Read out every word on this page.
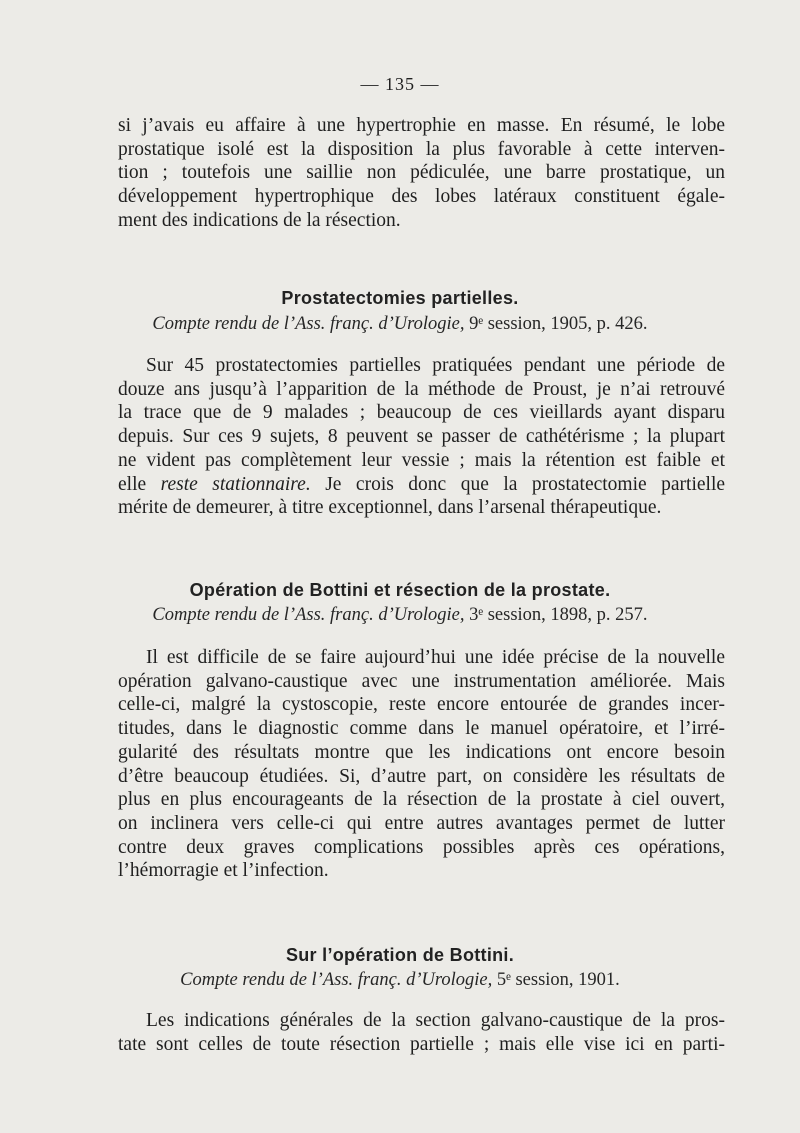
— 135 —
si j’avais eu affaire à une hypertrophie en masse. En résumé, le lobe
prostatique isolé est la disposition la plus favorable à cette interven-
tion ; toutefois une saillie non pédiculée, une barre prostatique, un
développement hypertrophique des lobes latéraux constituent égale-
ment des indications de la résection.
Prostatectomies partielles.
Compte rendu de l’Ass. franç. d’Urologie, 9ᵉ session, 1905, p. 426.
Sur 45 prostatectomies partielles pratiquées pendant une période de
douze ans jusqu’à l’apparition de la méthode de Proust, je n’ai retrouvé
la trace que de 9 malades ; beaucoup de ces vieillards ayant disparu
depuis. Sur ces 9 sujets, 8 peuvent se passer de cathétérisme ; la plupart
ne vident pas complètement leur vessie ; mais la rétention est faible et
elle reste stationnaire. Je crois donc que la prostatectomie partielle
mérite de demeurer, à titre exceptionnel, dans l’arsenal thérapeutique.
Opération de Bottini et résection de la prostate.
Compte rendu de l’Ass. franç. d’Urologie, 3ᵉ session, 1898, p. 257.
Il est difficile de se faire aujourd’hui une idée précise de la nouvelle
opération galvano-caustique avec une instrumentation améliorée. Mais
celle-ci, malgré la cystoscopie, reste encore entourée de grandes incer-
titudes, dans le diagnostic comme dans le manuel opératoire, et l’irré-
gularité des résultats montre que les indications ont encore besoin
d’être beaucoup étudiées. Si, d’autre part, on considère les résultats de
plus en plus encourageants de la résection de la prostate à ciel ouvert,
on inclinera vers celle-ci qui entre autres avantages permet de lutter
contre deux graves complications possibles après ces opérations,
l’hémorragie et l’infection.
Sur l’opération de Bottini.
Compte rendu de l’Ass. franç. d’Urologie, 5ᵉ session, 1901.
Les indications générales de la section galvano-caustique de la pros-
tate sont celles de toute résection partielle ; mais elle vise ici en parti-
